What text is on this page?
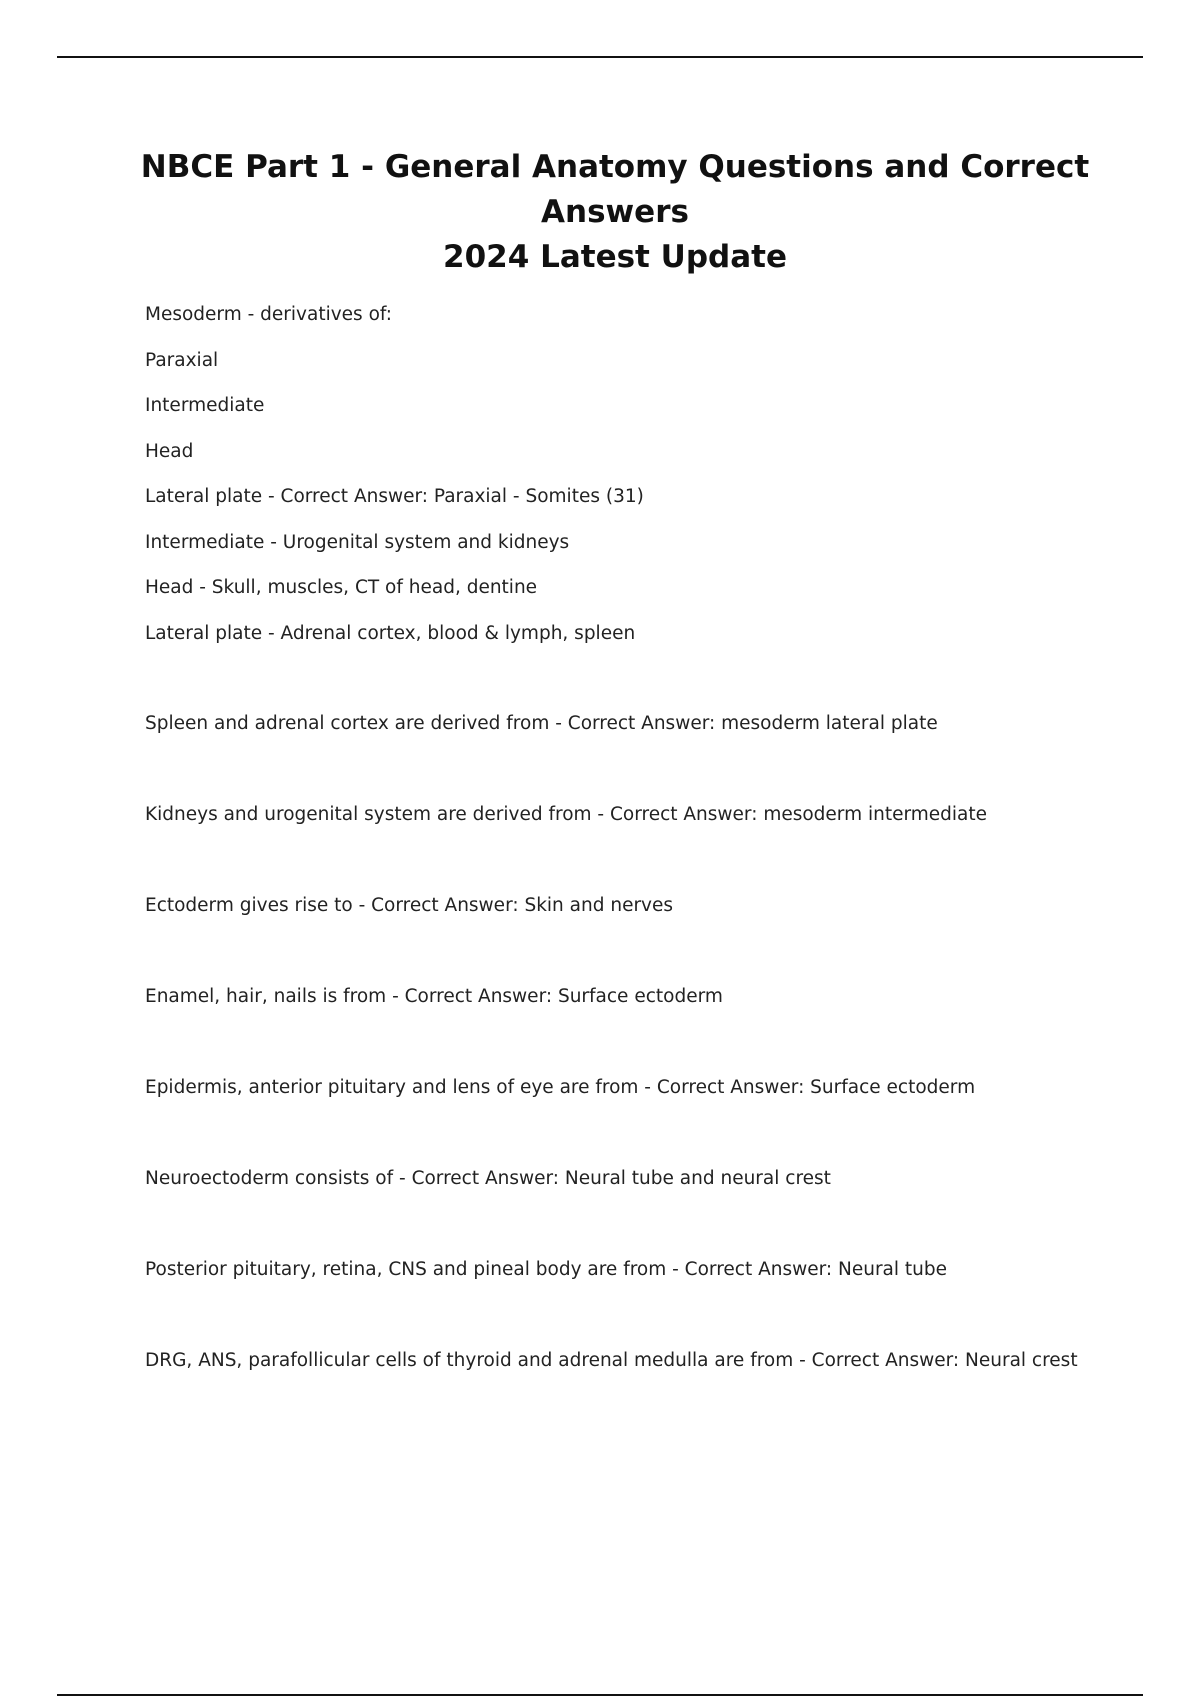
NBCE Part 1 - General Anatomy Questions and Correct Answers
2024 Latest Update
Mesoderm - derivatives of:
Paraxial
Intermediate
Head
Lateral plate - Correct Answer: Paraxial - Somites (31)
Intermediate - Urogenital system and kidneys
Head - Skull, muscles, CT of head, dentine
Lateral plate - Adrenal cortex, blood & lymph, spleen
Spleen and adrenal cortex are derived from - Correct Answer: mesoderm lateral plate
Kidneys and urogenital system are derived from - Correct Answer: mesoderm intermediate
Ectoderm gives rise to - Correct Answer: Skin and nerves
Enamel, hair, nails is from - Correct Answer: Surface ectoderm
Epidermis, anterior pituitary and lens of eye are from - Correct Answer: Surface ectoderm
Neuroectoderm consists of - Correct Answer: Neural tube and neural crest
Posterior pituitary, retina, CNS and pineal body are from - Correct Answer: Neural tube
DRG, ANS, parafollicular cells of thyroid and adrenal medulla are from - Correct Answer: Neural crest
